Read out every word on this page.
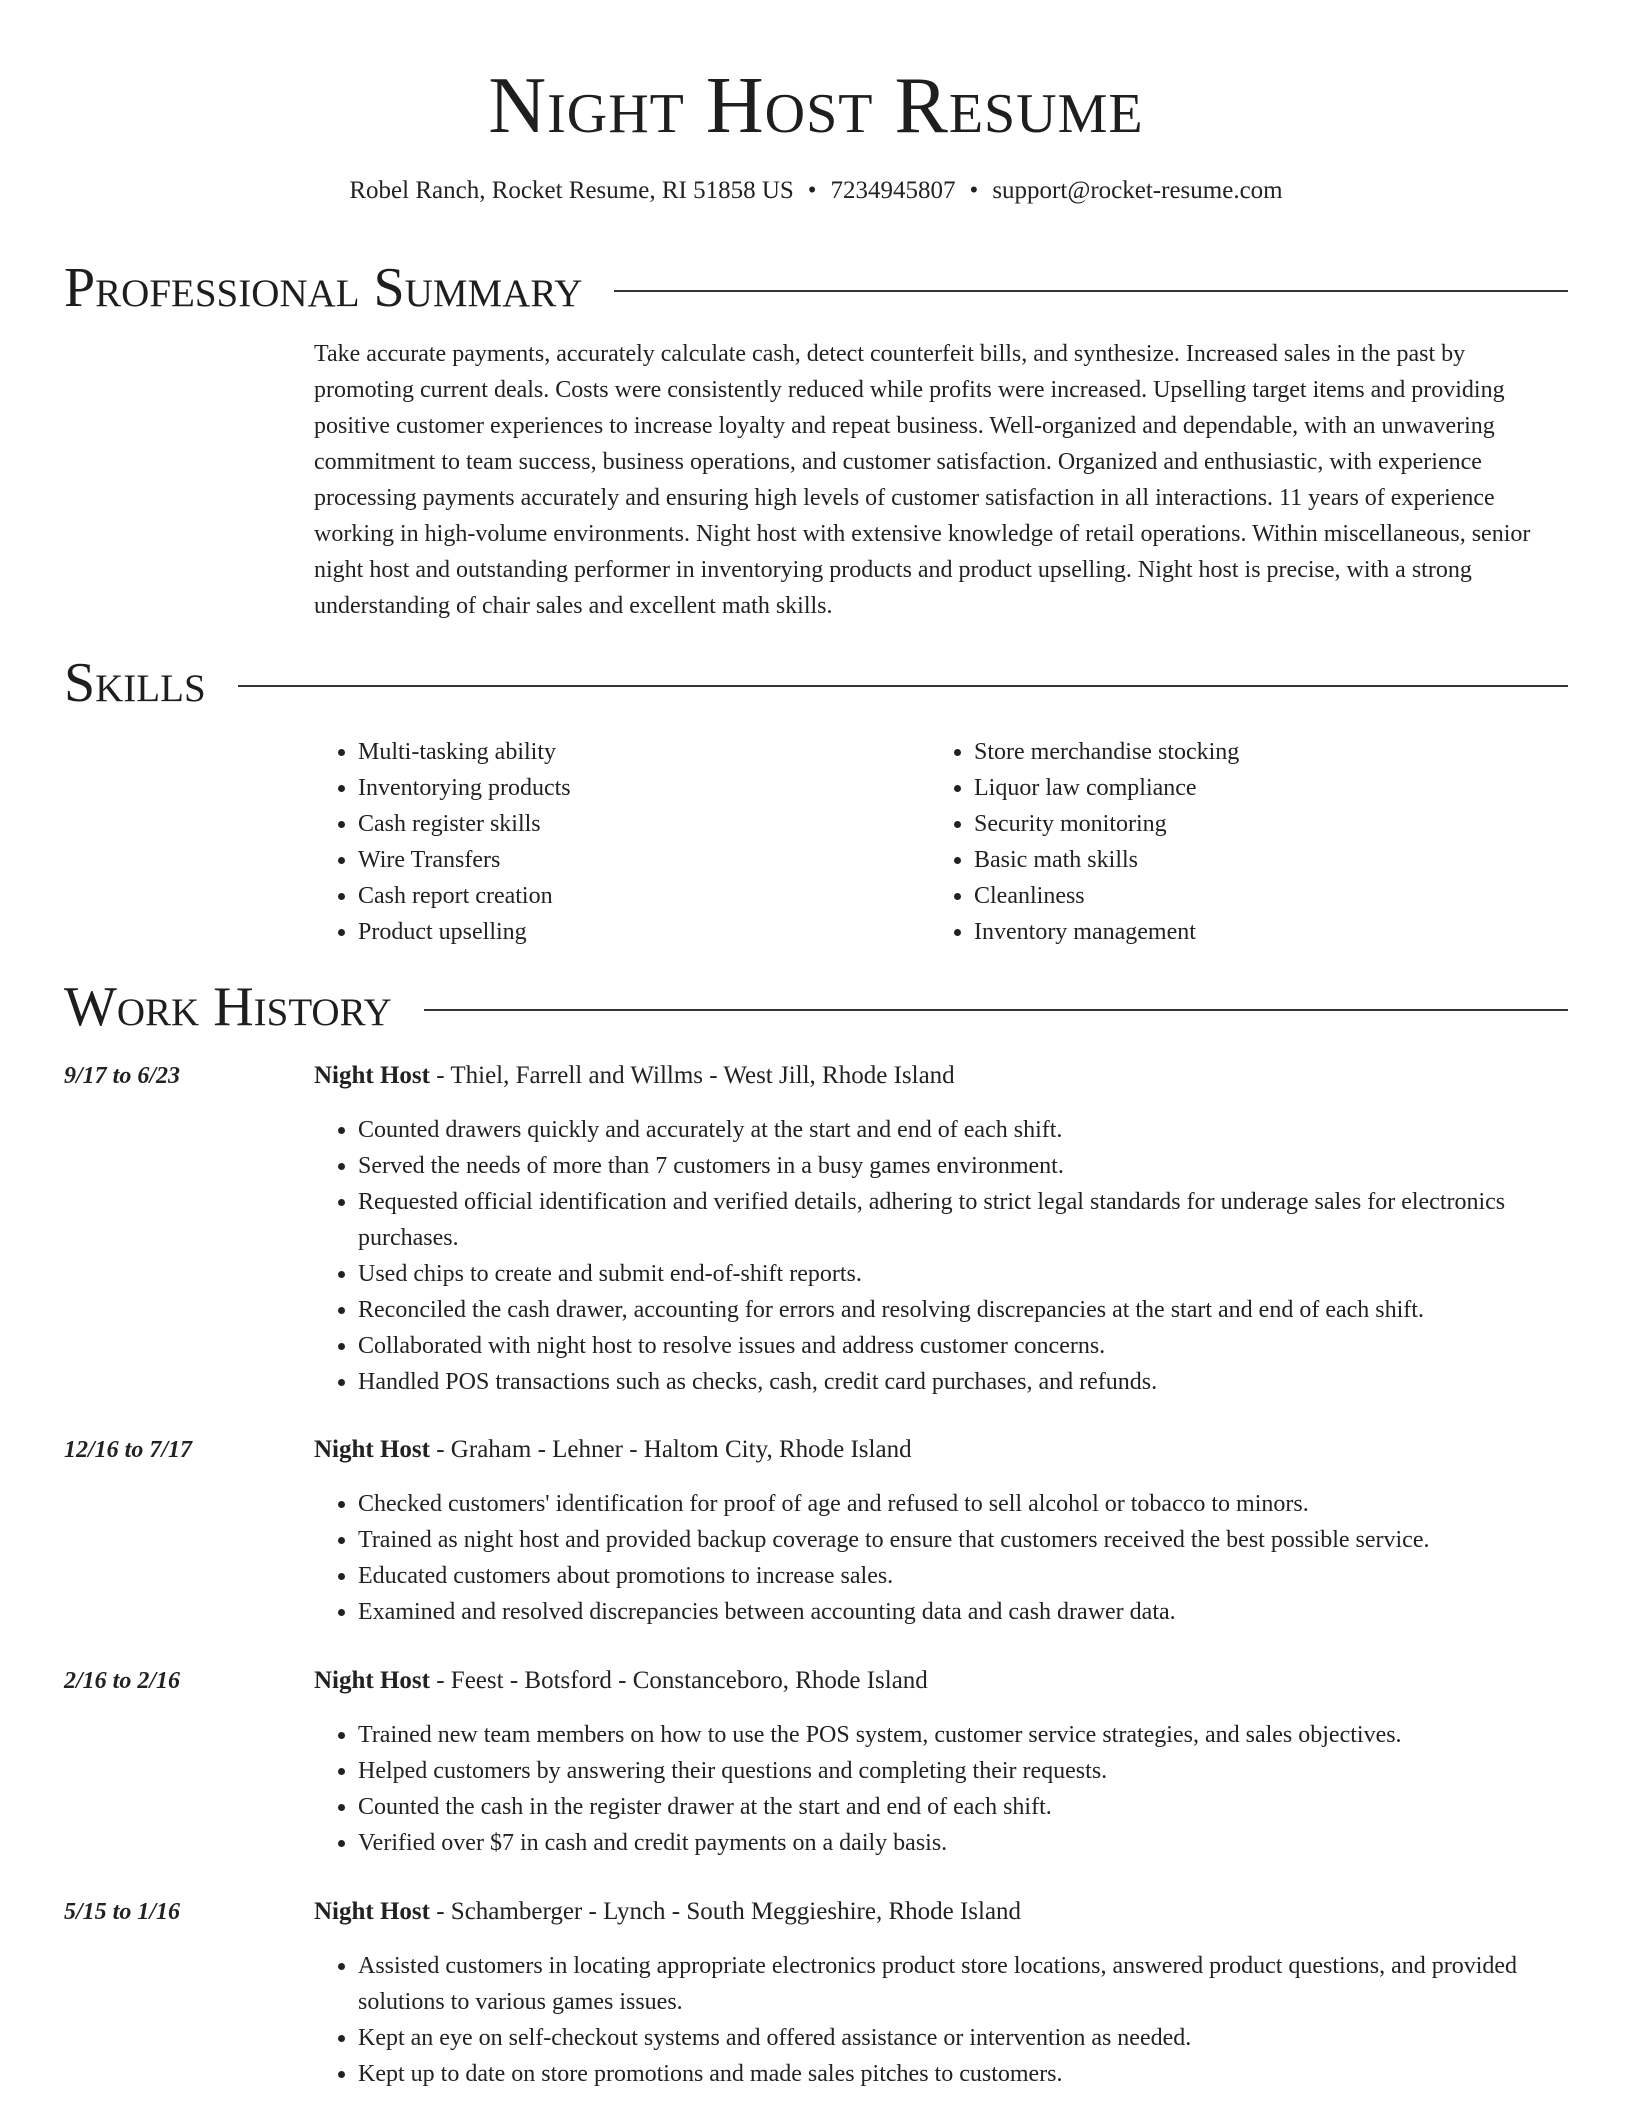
Night Host Resume
Robel Ranch, Rocket Resume, RI 51858 US • 7234945807 • support@rocket-resume.com
Professional Summary

Take accurate payments, accurately calculate cash, detect counterfeit bills, and synthesize. Increased sales in the past by promoting current deals. Costs were consistently reduced while profits were increased. Upselling target items and providing positive customer experiences to increase loyalty and repeat business. Well-organized and dependable, with an unwavering commitment to team success, business operations, and customer satisfaction. Organized and enthusiastic, with experience processing payments accurately and ensuring high levels of customer satisfaction in all interactions. 11 years of experience working in high-volume environments. Night host with extensive knowledge of retail operations. Within miscellaneous, senior night host and outstanding performer in inventorying products and product upselling. Night host is precise, with a strong understanding of chair sales and excellent math skills.

Skills
• Multi-tasking ability
• Inventorying products
• Cash register skills
• Wire Transfers
• Cash report creation
• Product upselling
• Store merchandise stocking
• Liquor law compliance
• Security monitoring
• Basic math skills
• Cleanliness
• Inventory management
Work History
9/17 to 6/23	Night Host - Thiel, Farrell and Willms - West Jill, Rhode Island
• Counted drawers quickly and accurately at the start and end of each shift.
• Served the needs of more than 7 customers in a busy games environment.
• Requested official identification and verified details, adhering to strict legal standards for underage sales for electronics purchases.
• Used chips to create and submit end-of-shift reports.
• Reconciled the cash drawer, accounting for errors and resolving discrepancies at the start and end of each shift.
• Collaborated with night host to resolve issues and address customer concerns.
• Handled POS transactions such as checks, cash, credit card purchases, and refunds.
12/16 to 7/17	Night Host - Graham - Lehner - Haltom City, Rhode Island
• Checked customers' identification for proof of age and refused to sell alcohol or tobacco to minors.
• Trained as night host and provided backup coverage to ensure that customers received the best possible service.
• Educated customers about promotions to increase sales.
• Examined and resolved discrepancies between accounting data and cash drawer data.
2/16 to 2/16	Night Host - Feest - Botsford - Constanceboro, Rhode Island
• Trained new team members on how to use the POS system, customer service strategies, and sales objectives.
• Helped customers by answering their questions and completing their requests.
• Counted the cash in the register drawer at the start and end of each shift.
• Verified over $7 in cash and credit payments on a daily basis.
5/15 to 1/16	Night Host - Schamberger - Lynch - South Meggieshire, Rhode Island
• Assisted customers in locating appropriate electronics product store locations, answered product questions, and provided solutions to various games issues.
• Kept an eye on self-checkout systems and offered assistance or intervention as needed.
• Kept up to date on store promotions and made sales pitches to customers.
